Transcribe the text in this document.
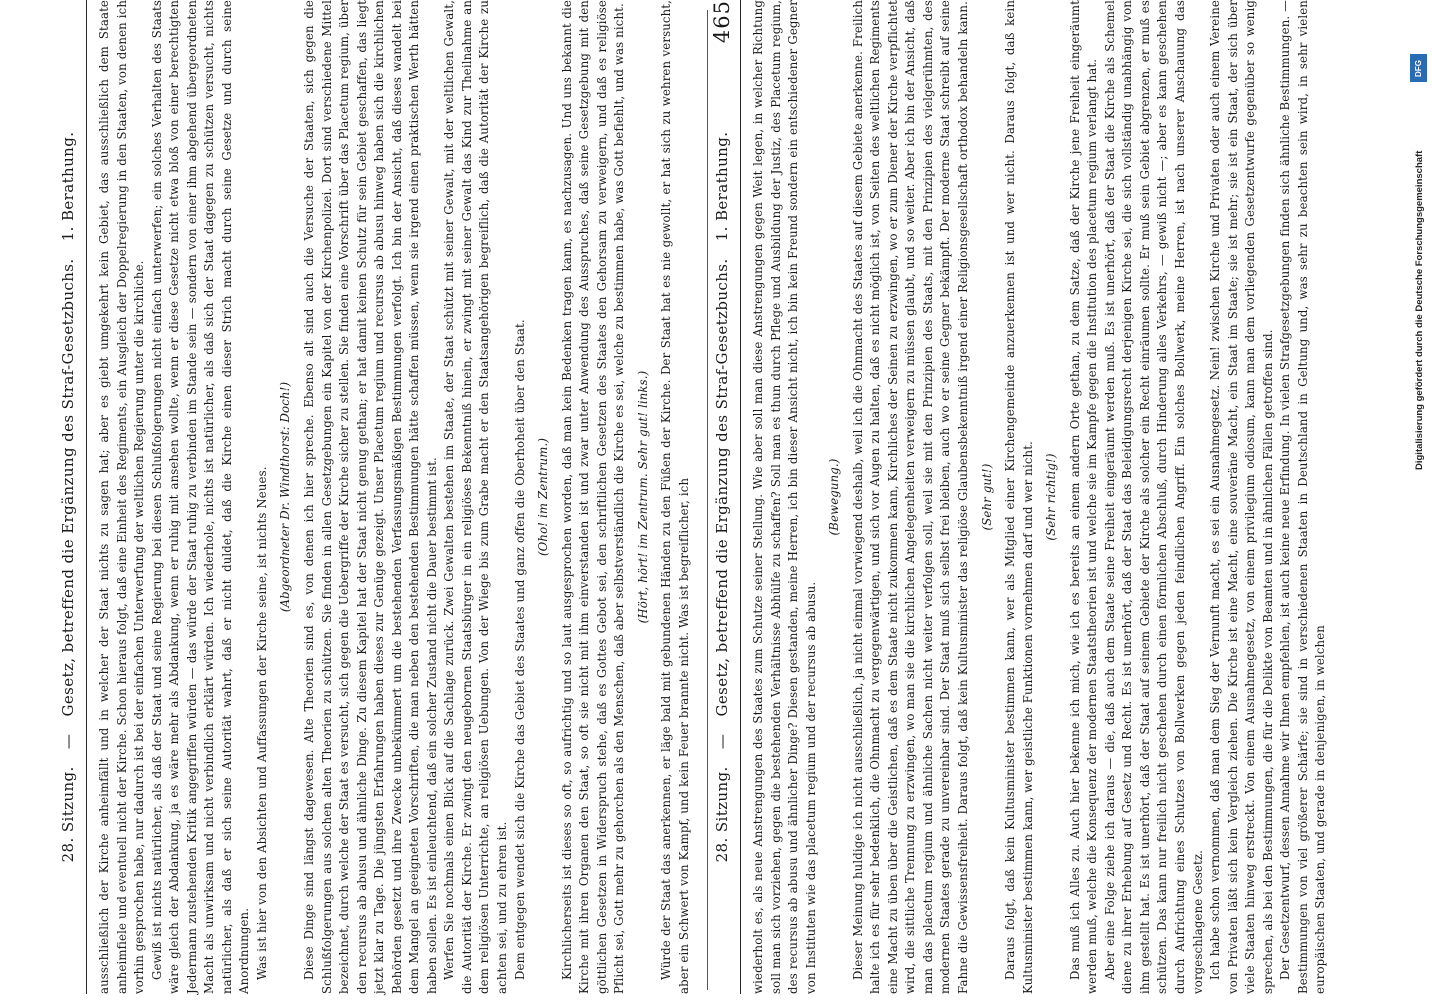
28. Sitzung. — Gesetz, betreffend die Ergänzung des Straf-Gesetzbuchs. 1. Berathung. ausschließlich der Kirche anheimfällt und in welcher der Staat nichts zu sagen hat; aber es giebt umgekehrt kein Gebiet, das ausschließlich dem Staate anheimfiele und eventuell nicht der Kirche. Schon hieraus folgt, daß eine Einheit des Regiments, ein Ausgleich der Doppelregierung in den Staaten, von denen ich vorhin gesprochen habe, nur dadurch ist bei der einfachen Unterwerfung der weltlichen Regierung unter die kirchliche. Gewiß ist nichts natürlicher, als daß der Staat und seine Regierung bei diesen Schlußfolgerungen nicht einfach unterwerfen; ein solches Verhalten des Staats wäre gleich der Abdankung, ja es wäre mehr als Abdankung, wenn er ruhig mit ansehen wollte, wenn er diese Gesetze nicht etwa bloß von einer berechtigten Jedermann zustehenden Kritik angegriffen würden — das würde der Staat ruhig zu verbinden im Stande sein — sondern von einer ihm abgehend übergeordneten Macht als unwirksam und nicht verbindlich erklärt würden. Ich wiederhole, nichts ist natürlicher, als daß sich der Staat dagegen zu schützen versucht, nichts natürlicher, als daß er sich seine Autorität wahrt, daß er nicht duldet, daß die Kirche einen dieser Strich macht durch seine Gesetze und durch seine Anordnungen. Was ist hier von den Absichten und Auffassungen der Kirche seine, ist nichts Neues. (Abgeordneter Dr. Windthorst: Doch!) Diese Dinge sind längst dagewesen. Alte Theorien sind es, von denen ich hier spreche. Ebenso alt sind auch die Versuche der Staaten, sich gegen die Schlußfolgerungen aus solchen alten Theorien zu schützen. Sie finden in allen Gesetzgebungen ein Kapitel von der Kirchenpolizei. Dort sind verschiedene Mittel bezeichnet, durch welche der Staat es versucht, sich gegen die Uebergriffe der Kirche sicher zu stellen. Sie finden eine Vorschrift über das Placetum regium, über den recursus ab abusu und ähnliche Dinge. Zu diesem Kapitel hat der Staat nicht genug gethan; er hat damit keinen Schutz für sein Gebiet geschaffen, das liegt jetzt klar zu Tage. Die jüngsten Erfahrungen haben dieses zur Genüge gezeigt. Unser Placetum regium und recursus ab abusu hinweg haben sich die kirchlichen Behörden gesetzt und ihre Zwecke unbekümmert um die bestehenden Verfassungsmäßigen Bestimmungen verfolgt. Ich bin der Ansicht, daß dieses wandelt bei dem Mangel an geeigneten Vorschriften, die man neben den bestehenden Bestimmungen hätte schaffen müssen, wenn sie irgend einen praktischen Werth hätten haben sollen. Es ist einleuchtend, daß ein solcher Zustand nicht die Dauer bestimmt ist. Werfen Sie nochmals einen Blick auf die Sachlage zurück. Zwei Gewalten bestehen im Staate, der Staat schützt mit seiner Gewalt, mit der weltlichen Gewalt, die Autorität der Kirche. Er zwingt den neugebornen Staatsbürger in ein religiöses Bekenntniß hinein, er zwingt mit seiner Gewalt das Kind zur Theilnahme an dem religiösen Unterrichte, an religiösen Uebungen. Von der Wiege bis zum Grabe macht er den Staatsangehörigen begreiflich, daß die Autorität der Kirche zu achten sei, und zu ehren ist. Dem entgegen wendet sich die Kirche das Gebiet des Staates und ganz offen die Oberhoheit über den Staat. (Oho! im Zentrum.) Kirchlicherseits ist dieses so oft, so aufrichtig und so laut ausgesprochen worden, daß man kein Bedenken tragen kann, es nachzusagen. Und uns bekannt die Kirche mit ihren Organen den Staat, so oft sie nicht mit ihm einverstanden ist und zwar unter Anwendung des Ausspruches, daß seine Gesetzgebung mit den göttlichen Gesetzen in Widerspruch stehe, daß es Gottes Gebot sei, den schriftlichen Gesetzen des Staates den Gehorsam zu verweigern, und daß es religiöse Pflicht sei, Gott mehr zu gehorchen als den Menschen, daß aber selbstverständlich die Kirche es sei, welche zu bestimmen habe, was Gott befiehlt, und was nicht. (Hört, hört! im Zentrum. Sehr gut! links.) Würde der Staat das anerkennen, er läge bald mit gebundenen Händen zu den Füßen der Kirche. Der Staat hat es nie gewollt, er hat sich zu wehren versucht, aber ein Schwert von Kampf, und kein Feuer brannte nicht. Was ist begreiflicher, ich 28. Sitzung. — Gesetz, betreffend die Ergänzung des Straf-Gesetzbuchs. 1. Berathung.
465 wiederholt es, als neue Anstrengungen des Staates zum Schutze seiner Stellung. Wie aber soll man diese Anstrengungen gegen Weit legen, in welcher Richtung soll man sich vorziehen, gegen die bestehenden Verhältnisse Abhülfe zu schaffen? Soll man es thun durch Pflege und Ausbildung der Justiz, des Placetum regium, des recursus ab abusu und ähnlicher Dinge? Diesen gestanden, meine Herren, ich bin dieser Ansicht nicht, ich bin kein Freund sondern ein entschiedener Gegner von Instituten wie das placetum regium und der recursus ab abusu.

(Bewegung.) Dieser Meinung huldige ich nicht ausschließlich, ja nicht einmal vorwiegend deshalb, weil ich die Ohnmacht des Staates auf diesem Gebiete anerkenne. Freilich halte ich es für sehr bedenklich, die Ohnmacht zu vergegenwärtigen, und sich vor Augen zu halten, daß es nicht möglich ist, von Seiten des weltlichen Regiments eine Macht zu üben über die Geistlichen, daß es dem Staate nicht zukommen kann, Kirchliches der Seinen zu erzwingen, wo er zum Diener der Kirche verpflichtet wird, die sittliche Trennung zu erzwingen, wo man sie die kirchlichen Angelegenheiten verweigern zu müssen glaubt, und so weiter. Aber ich bin der Ansicht, daß man das placetum regium und ähnliche Sachen nicht weiter verfolgen soll, weil sie mit den Prinzipien des Staats, mit den Prinzipien des vielgerühmten, des modernen Staates gerade zu unvereinbar sind. Der Staat muß sich selbst frei bleiben, auch wo er seine Gegner bekämpft. Der moderne Staat schreibt auf seine Fahne die Gewissensfreiheit. Daraus folgt, daß kein Kultusminister das religiöse Glaubensbekenntniß irgend einer Religionsgesellschaft orthodox behandeln kann. (Sehr gut!) Daraus folgt, daß kein Kultusminister bestimmen kann, wer als Mitglied einer Kirchengemeinde anzuerkennen ist und wer nicht. Daraus folgt, daß kein Kultusminister bestimmen kann, wer geistliche Funktionen vornehmen darf und wer nicht. (Sehr richtig!) Das muß ich Alles zu. Auch hier bekenne ich mich, wie ich es bereits an einem andern Orte gethan, zu dem Satze, daß der Kirche jene Freiheit eingeräumt werden muß, welche die Konsequenz der modernen Staatstheorien ist und welche sie im Kampfe gegen die Institution des placetum regium verlangt hat. Aber eine Folge ziehe ich daraus — die, daß auch dem Staate seine Freiheit eingeräumt werden muß. Es ist unerhört, daß der Staat die Kirche als Schemel diene zu ihrer Erhebung auf Gesetz und Recht. Es ist unerhört, daß der Staat das Beleidigungsrecht derjenigen Kirche sei, die sich vollständig unabhängig von ihm gestellt hat. Es ist unerhört, daß der Staat auf seinem Gebiete der Kirche als solcher ein Recht einräumen sollte. Er muß sein Gebiet abgrenzen, er muß es schützen. Das kann nur freilich nicht geschehen durch einen förmlichen Abschluß, durch Hinderung alles Verkehrs, — gewiß nicht —; aber es kann geschehen durch Aufrichtung eines Schutzes von Bollwerken gegen jeden feindlichen Angriff. Ein solches Bollwerk, meine Herren, ist nach unserer Anschauung das vorgeschlagene Gesetz. Ich habe schon vernommen, daß man dem Sieg der Vernunft macht, es sei ein Ausnahmegesetz. Nein! zwischen Kirche und Privaten oder auch einem Vereine von Privaten läßt sich kein Vergleich ziehen. Die Kirche ist eine Macht, eine souveräne Macht, ein Staat im Staate; sie ist mehr; sie ist ein Staat, der sich über viele Staaten hinweg erstreckt. Von einem Ausnahmegesetz, von einem privilegium odiosum, kann man dem vorliegenden Gesetzentwurfe gegenüber so wenig sprechen, als bei den Bestimmungen, die für die Delikte von Beamten und in ähnlichen Fällen getroffen sind. Der Gesetzentwurf, dessen Annahme wir Ihnen empfehlen, ist auch keine neue Erfindung. In vielen Strafgesetzgebungen finden sich ähnliche Bestimmungen. — Bestimmungen von viel größerer Schärfe; sie sind in verschiedenen Staaten in Deutschland in Geltung und, was sehr zu beachten sein wird, in sehr vielen europäischen Staaten, und gerade in denjenigen, in welchen

Digitalisierung gefördert durch die Deutsche Forschungsgemeinschaft
DFG
